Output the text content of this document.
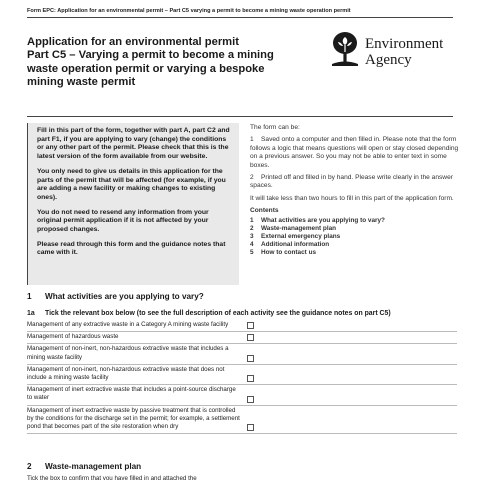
Form EPC: Application for an environmental permit – Part C5 varying a permit to become a mining waste operation permit
Application for an environmental permit
Part C5 – Varying a permit to become a mining
waste operation permit or varying a bespoke
mining waste permit
Environment
Agency

Fill in this part of the form, together with part A, part C2 and part F1, if you are applying to vary (change) the conditions or any other part of the permit. Please check that this is the latest version of the form available from our website.

You only need to give us details in this application for the parts of the permit that will be affected (for example, if you are adding a new facility or making changes to existing ones).

You do not need to resend any information from your original permit application if it is not affected by your proposed changes.

Please read through this form and the guidance notes that came with it.

The form can be:

1 Saved onto a computer and then filled in. Please note that the form follows a logic that means questions will open or stay closed depending on a previous answer. So you may not be able to enter text in some boxes.

2 Printed off and filled in by hand. Please write clearly in the answer spaces.

It will take less than two hours to fill in this part of the application form.

Contents

1 What activities are you applying to vary?
2 Waste-management plan
3 External emergency plans
4 Additional information
5 How to contact us
1 What activities are you applying to vary?
1a Tick the relevant box below (to see the full description of each activity see the guidance notes on part C5)
Management of any extractive waste in a Category A mining waste facility
Management of hazardous waste
Management of non-inert, non-hazardous extractive waste that includes a mining waste facility
Management of non-inert, non-hazardous extractive waste that does not include a mining waste facility
Management of inert extractive waste that includes a point-source discharge to water
Management of inert extractive waste by passive treatment that is controlled by the conditions for the discharge set in the permit; for example, a settlement pond that becomes part of the site restoration when dry
2 Waste-management plan
Tick the box to confirm that you have filled in and attached the
